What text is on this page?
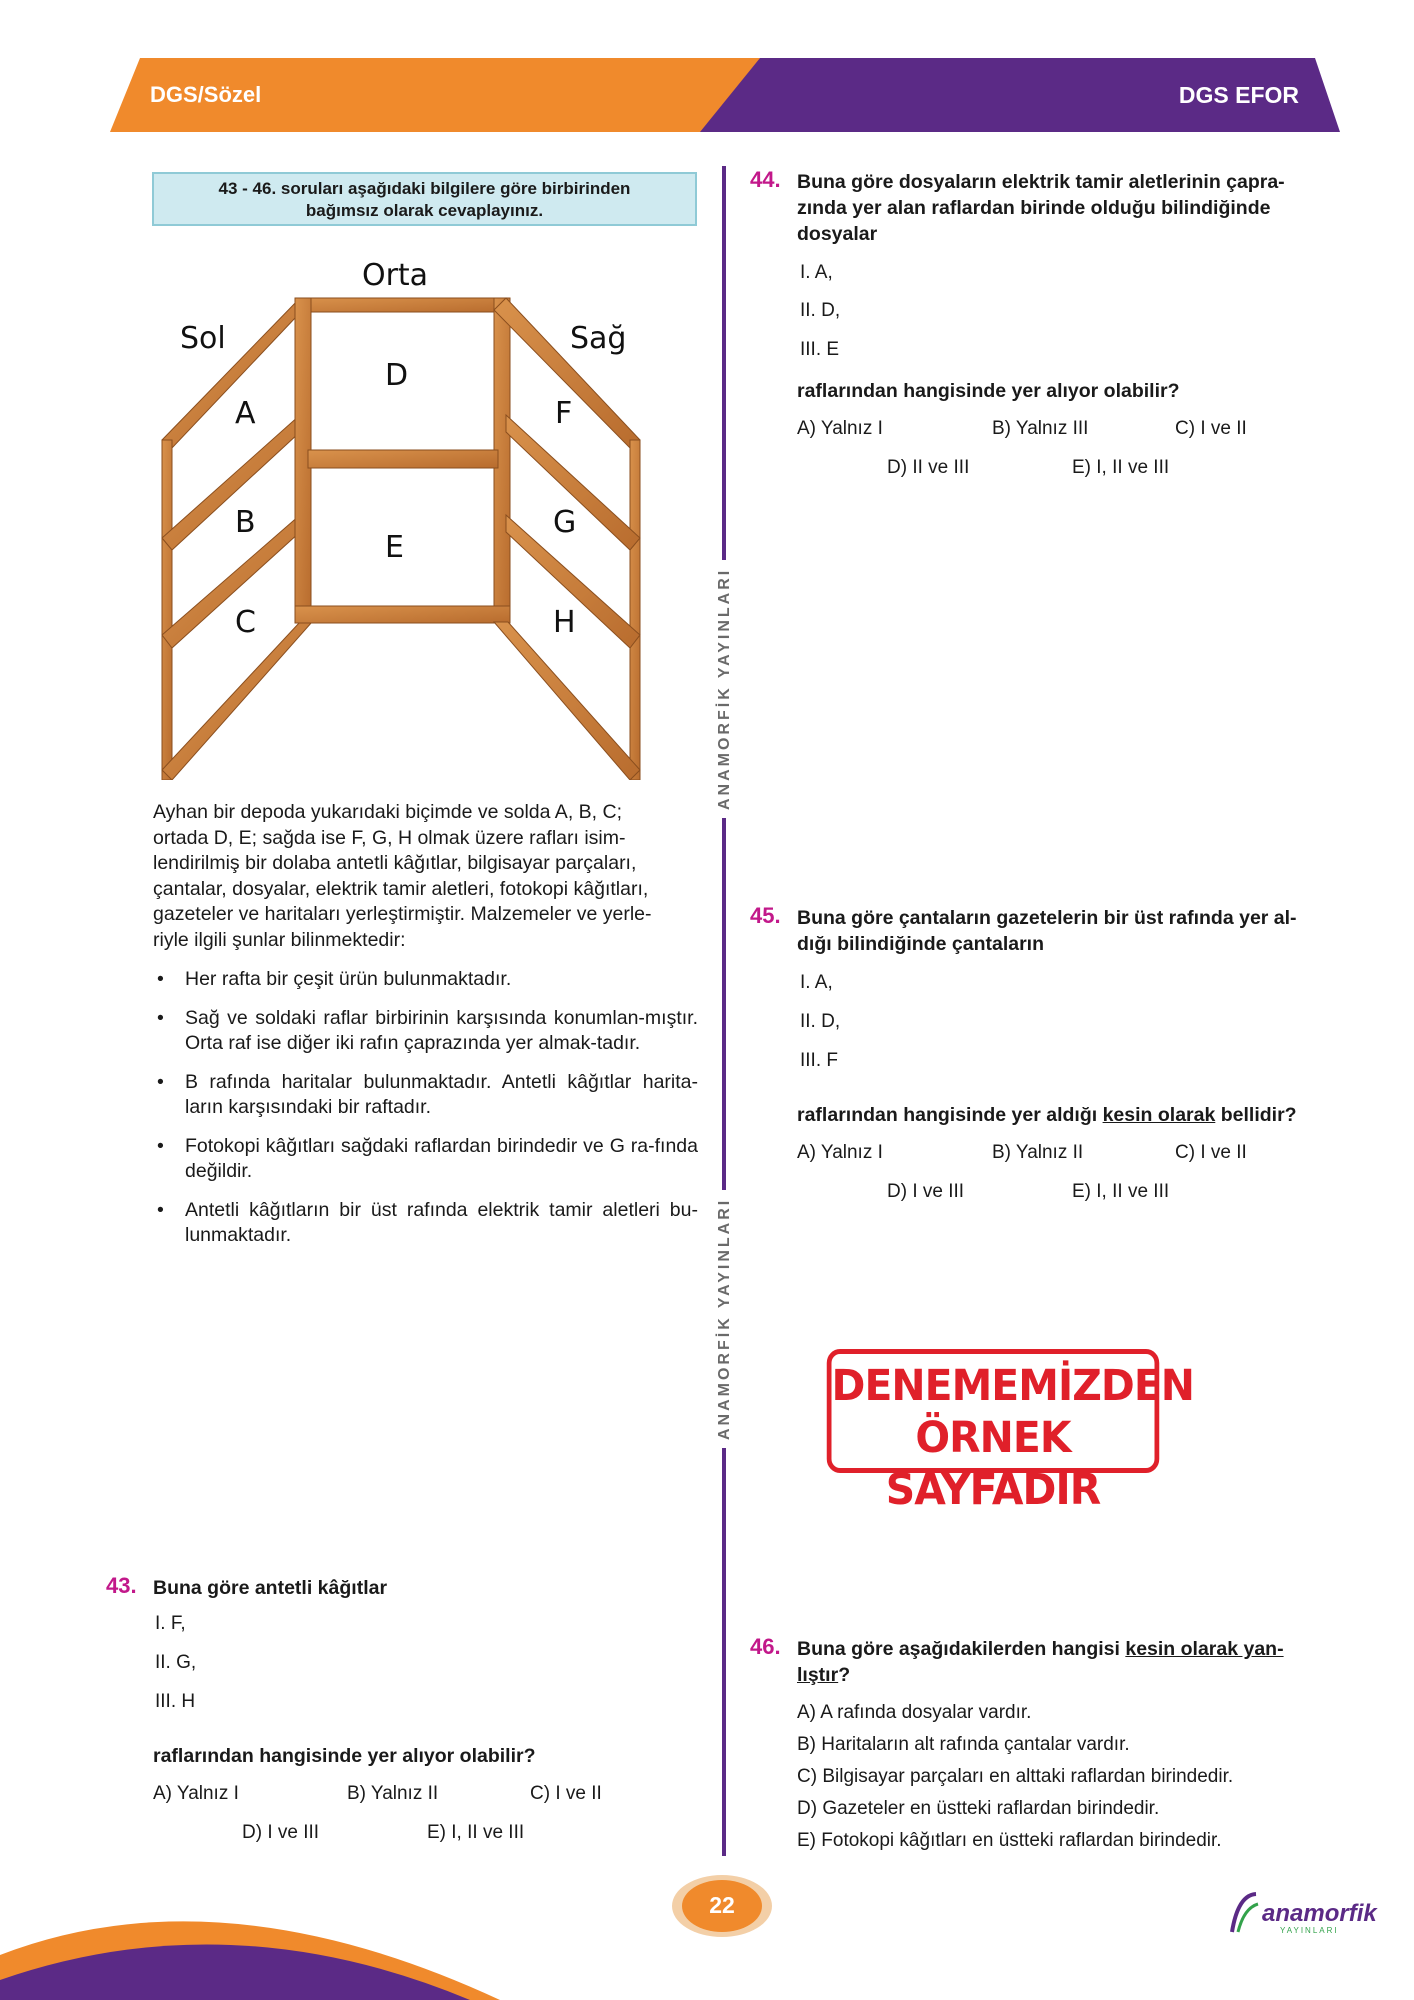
DGS/Sözel	DGS EFOR
43 - 46. soruları aşağıdaki bilgilere göre birbirinden
bağımsız olarak cevaplayınız.
Orta
Sol	Sağ
D
E
A
B
C
F
G
H
Ayhan bir depoda yukarıdaki biçimde ve solda A, B, C;
ortada D, E; sağda ise F, G, H olmak üzere rafları isim-
lendirilmiş bir dolaba antetli kâğıtlar, bilgisayar parçaları,
çantalar, dosyalar, elektrik tamir aletleri, fotokopi kâğıtları,
gazeteler ve haritaları yerleştirmiştir. Malzemeler ve yerle-
riyle ilgili şunlar bilinmektedir:
• Her rafta bir çeşit ürün bulunmaktadır.
• Sağ ve soldaki raflar birbirinin karşısında konumlan-mıştır. Orta raf ise diğer iki rafın çaprazında yer almak-tadır.
• B rafında haritalar bulunmaktadır. Antetli kâğıtlar harita-ların karşısındaki bir raftadır.
• Fotokopi kâğıtları sağdaki raflardan birindedir ve G ra-fında değildir.
• Antetli kâğıtların bir üst rafında elektrik tamir aletleri bu-lunmaktadır.
43. Buna göre antetli kâğıtlar
I. F,
II. G,
III. H
raflarından hangisinde yer alıyor olabilir?
A) Yalnız I	B) Yalnız II	C) I ve II
D) I ve III	E) I, II ve III
ANAMORFİK YAYINLARI
ANAMORFİK YAYINLARI
44. Buna göre dosyaların elektrik tamir aletlerinin çapra-
zında yer alan raflardan birinde olduğu bilindiğinde
dosyalar
I. A,
II. D,
III. E
raflarından hangisinde yer alıyor olabilir?
A) Yalnız I	B) Yalnız III	C) I ve II
D) II ve III	E) I, II ve III
45. Buna göre çantaların gazetelerin bir üst rafında yer al-
dığı bilindiğinde çantaların
I. A,
II. D,
III. F
raflarından hangisinde yer aldığı kesin olarak bellidir?
A) Yalnız I	B) Yalnız II	C) I ve II
D) I ve III	E) I, II ve III
DENEMEMİZDEN
ÖRNEK SAYFADIR
46. Buna göre aşağıdakilerden hangisi kesin olarak yan-
lıştır?
A) A rafında dosyalar vardır.
B) Haritaların alt rafında çantalar vardır.
C) Bilgisayar parçaları en alttaki raflardan birindedir.
D) Gazeteler en üstteki raflardan birindedir.
E) Fotokopi kâğıtları en üstteki raflardan birindedir.
22	anamorfik
YAYINLARI
